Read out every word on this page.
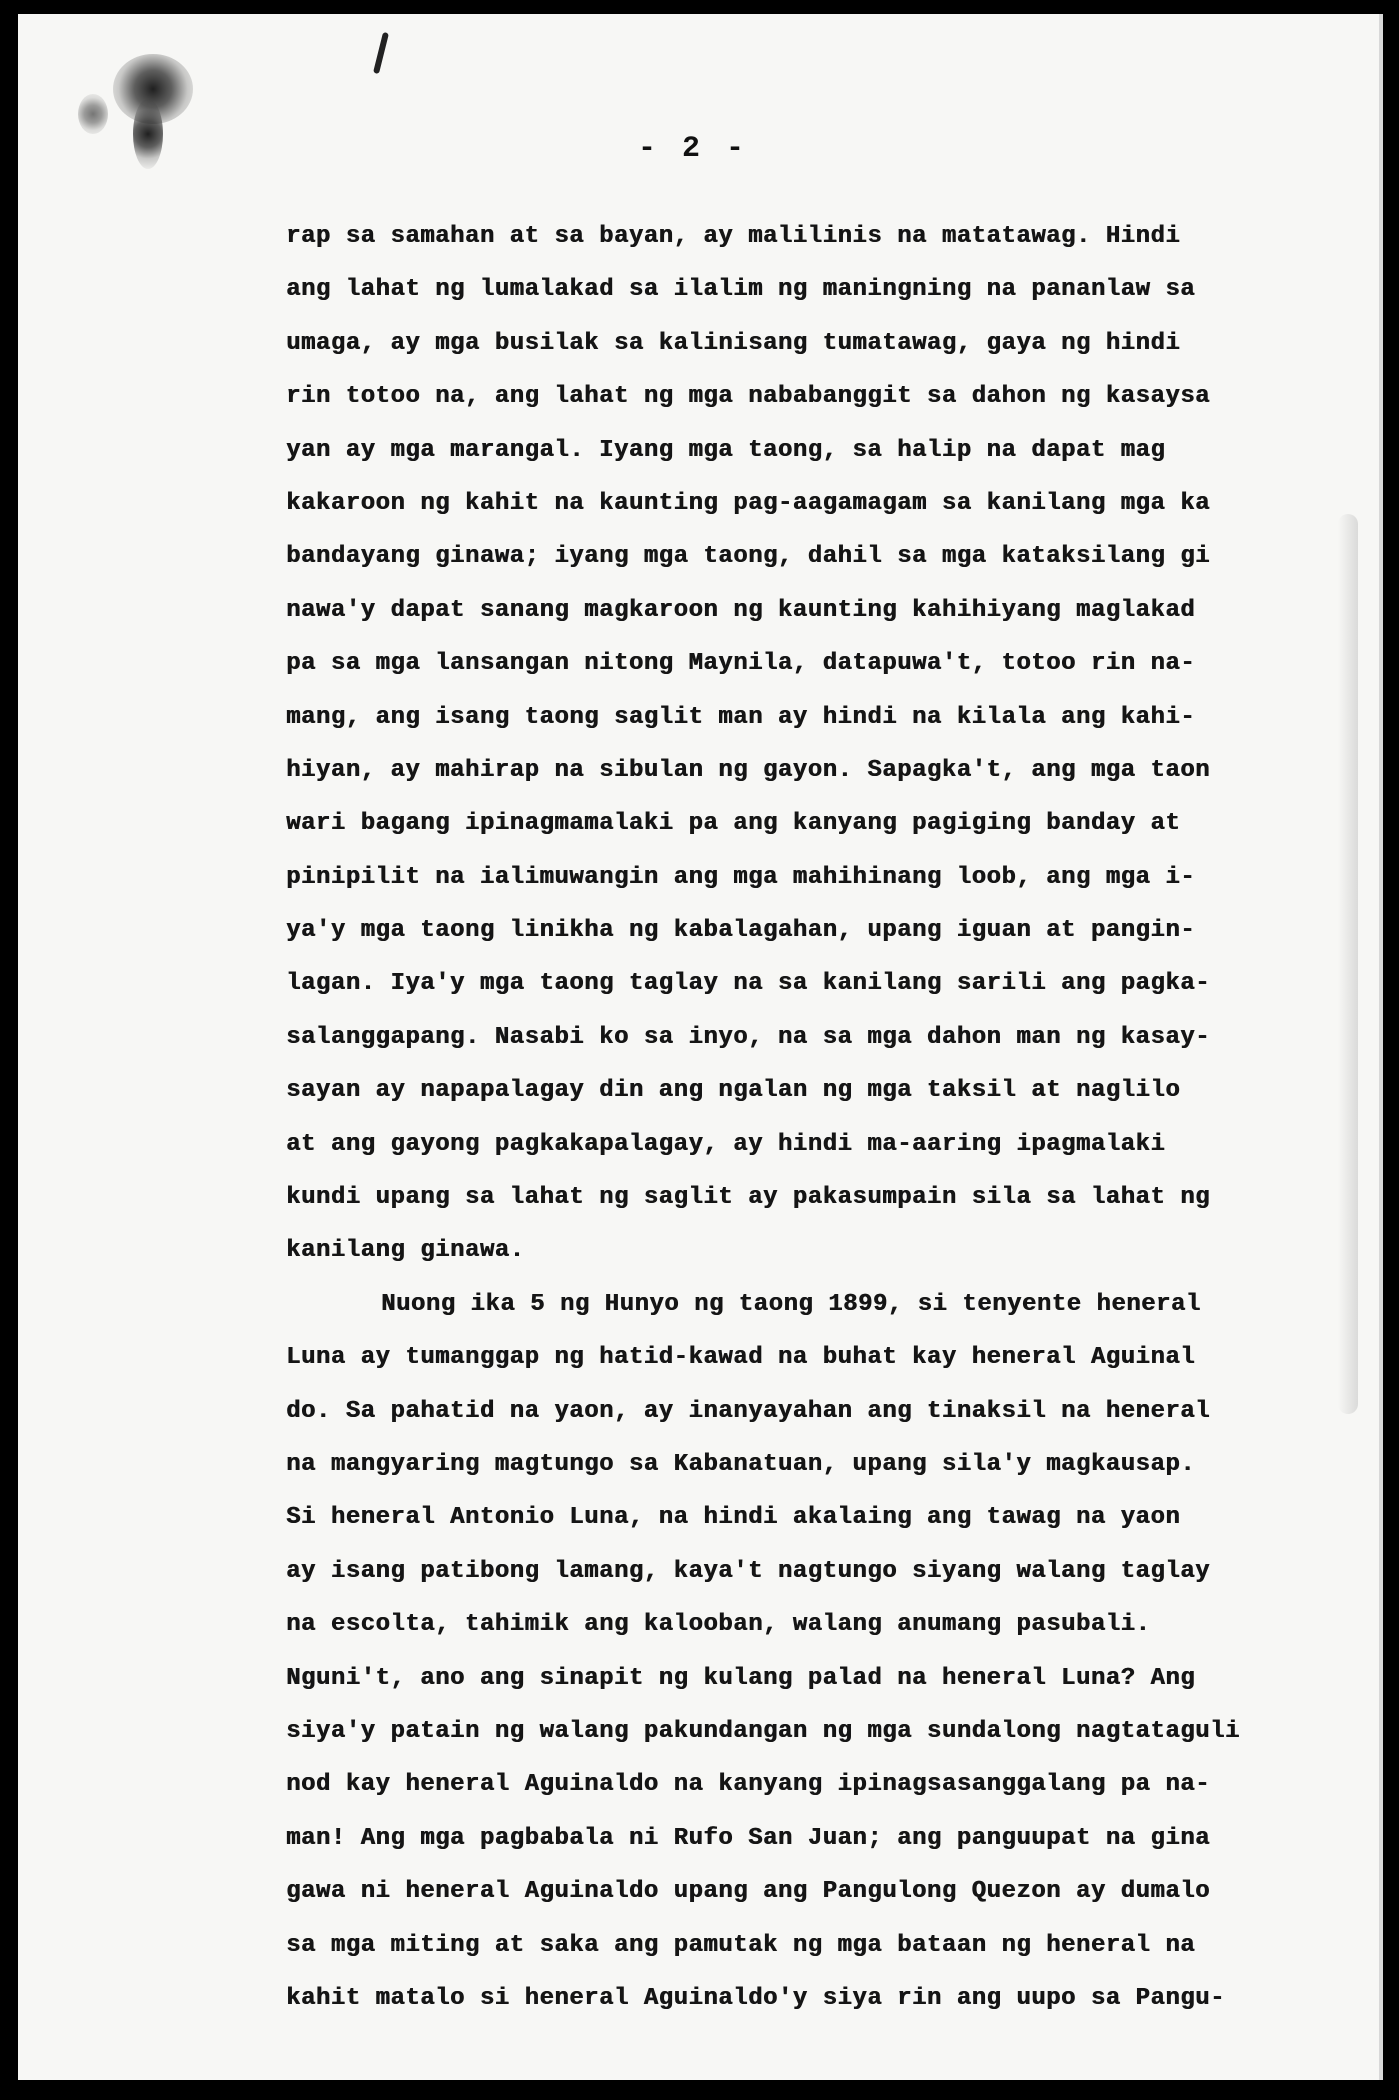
- 2 -
rap sa samahan at sa bayan, ay malilinis na matatawag. Hindi
ang lahat ng lumalakad sa ilalim ng maningning na pananlaw sa
umaga, ay mga busilak sa kalinisang tumatawag, gaya ng hindi
rin totoo na, ang lahat ng mga nababanggit sa dahon ng kasaysa
yan ay mga marangal. Iyang mga taong, sa halip na dapat mag
kakaroon ng kahit na kaunting pag-aagamagam sa kanilang mga ka
bandayang ginawa; iyang mga taong, dahil sa mga kataksilang gi
nawa'y dapat sanang magkaroon ng kaunting kahihiyang maglakad
pa sa mga lansangan nitong Maynila, datapuwa't, totoo rin na-
mang, ang isang taong saglit man ay hindi na kilala ang kahi-
hiyan, ay mahirap na sibulan ng gayon. Sapagka't, ang mga taon
wari bagang ipinagmamalaki pa ang kanyang pagiging banday at
pinipilit na ialimuwangin ang mga mahihinang loob, ang mga i-
ya'y mga taong linikha ng kabalagahan, upang iguan at pangin-
lagan. Iya'y mga taong taglay na sa kanilang sarili ang pagka-
salanggapang. Nasabi ko sa inyo, na sa mga dahon man ng kasay-
sayan ay napapalagay din ang ngalan ng mga taksil at naglilo
at ang gayong pagkakapalagay, ay hindi ma-aaring ipagmalaki
kundi upang sa lahat ng saglit ay pakasumpain sila sa lahat ng
kanilang ginawa.
Nuong ika 5 ng Hunyo ng taong 1899, si tenyente heneral
Luna ay tumanggap ng hatid-kawad na buhat kay heneral Aguinal
do. Sa pahatid na yaon, ay inanyayahan ang tinaksil na heneral
na mangyaring magtungo sa Kabanatuan, upang sila'y magkausap.
Si heneral Antonio Luna, na hindi akalaing ang tawag na yaon
ay isang patibong lamang, kaya't nagtungo siyang walang taglay
na escolta, tahimik ang kalooban, walang anumang pasubali.
Nguni't, ano ang sinapit ng kulang palad na heneral Luna? Ang
siya'y patain ng walang pakundangan ng mga sundalong nagtataguli
nod kay heneral Aguinaldo na kanyang ipinagsasanggalang pa na-
man! Ang mga pagbabala ni Rufo San Juan; ang panguupat na gina
gawa ni heneral Aguinaldo upang ang Pangulong Quezon ay dumalo
sa mga miting at saka ang pamutak ng mga bataan ng heneral na
kahit matalo si heneral Aguinaldo'y siya rin ang uupo sa Pangu-
